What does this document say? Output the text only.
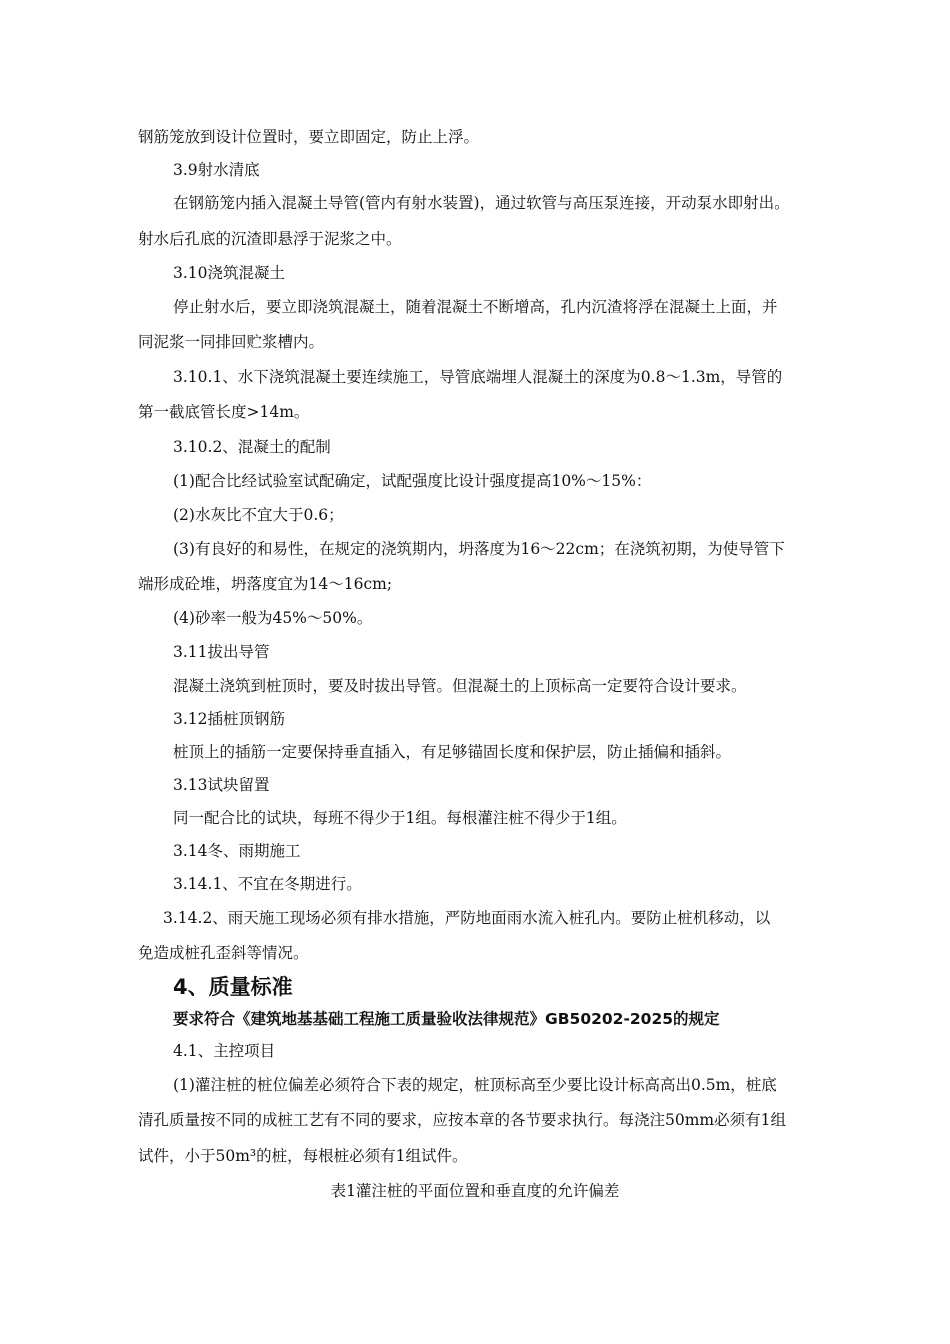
钢筋笼放到设计位置时，要立即固定，防止上浮。
3.9射水清底
在钢筋笼内插入混凝土导管(管内有射水装置)，通过软管与高压泵连接，开动泵水即射出。
射水后孔底的沉渣即悬浮于泥浆之中。
3.10浇筑混凝土
停止射水后，要立即浇筑混凝土，随着混凝土不断增高，孔内沉渣将浮在混凝土上面，并
同泥浆一同排回贮浆槽内。
3.10.1、水下浇筑混凝土要连续施工，导管底端埋人混凝土的深度为0.8～1.3m，导管的
第一截底管长度>14m。
3.10.2、混凝土的配制
(1)配合比经试验室试配确定，试配强度比设计强度提高10%～15%：
(2)水灰比不宜大于0.6；
(3)有良好的和易性，在规定的浇筑期内，坍落度为16～22cm；在浇筑初期，为使导管下
端形成砼堆，坍落度宜为14～16cm;
(4)砂率一般为45%～50%。
3.11拔出导管
混凝土浇筑到桩顶时，要及时拔出导管。但混凝土的上顶标高一定要符合设计要求。
3.12插桩顶钢筋
桩顶上的插筋一定要保持垂直插入，有足够锚固长度和保护层，防止插偏和插斜。
3.13试块留置
同一配合比的试块，每班不得少于1组。每根灌注桩不得少于1组。
3.14冬、雨期施工
3.14.1、不宜在冬期进行。
3.14.2、雨天施工现场必须有排水措施，严防地面雨水流入桩孔内。要防止桩机移动，以
免造成桩孔歪斜等情况。
4、质量标准
要求符合《建筑地基基础工程施工质量验收法律规范》GB50202-2025的规定
4.1、主控项目
(1)灌注桩的桩位偏差必须符合下表的规定，桩顶标高至少要比设计标高高出0.5m，桩底
清孔质量按不同的成桩工艺有不同的要求，应按本章的各节要求执行。每浇注50mm必须有1组
试件，小于50m³的桩，每根桩必须有1组试件。
表1灌注桩的平面位置和垂直度的允许偏差
